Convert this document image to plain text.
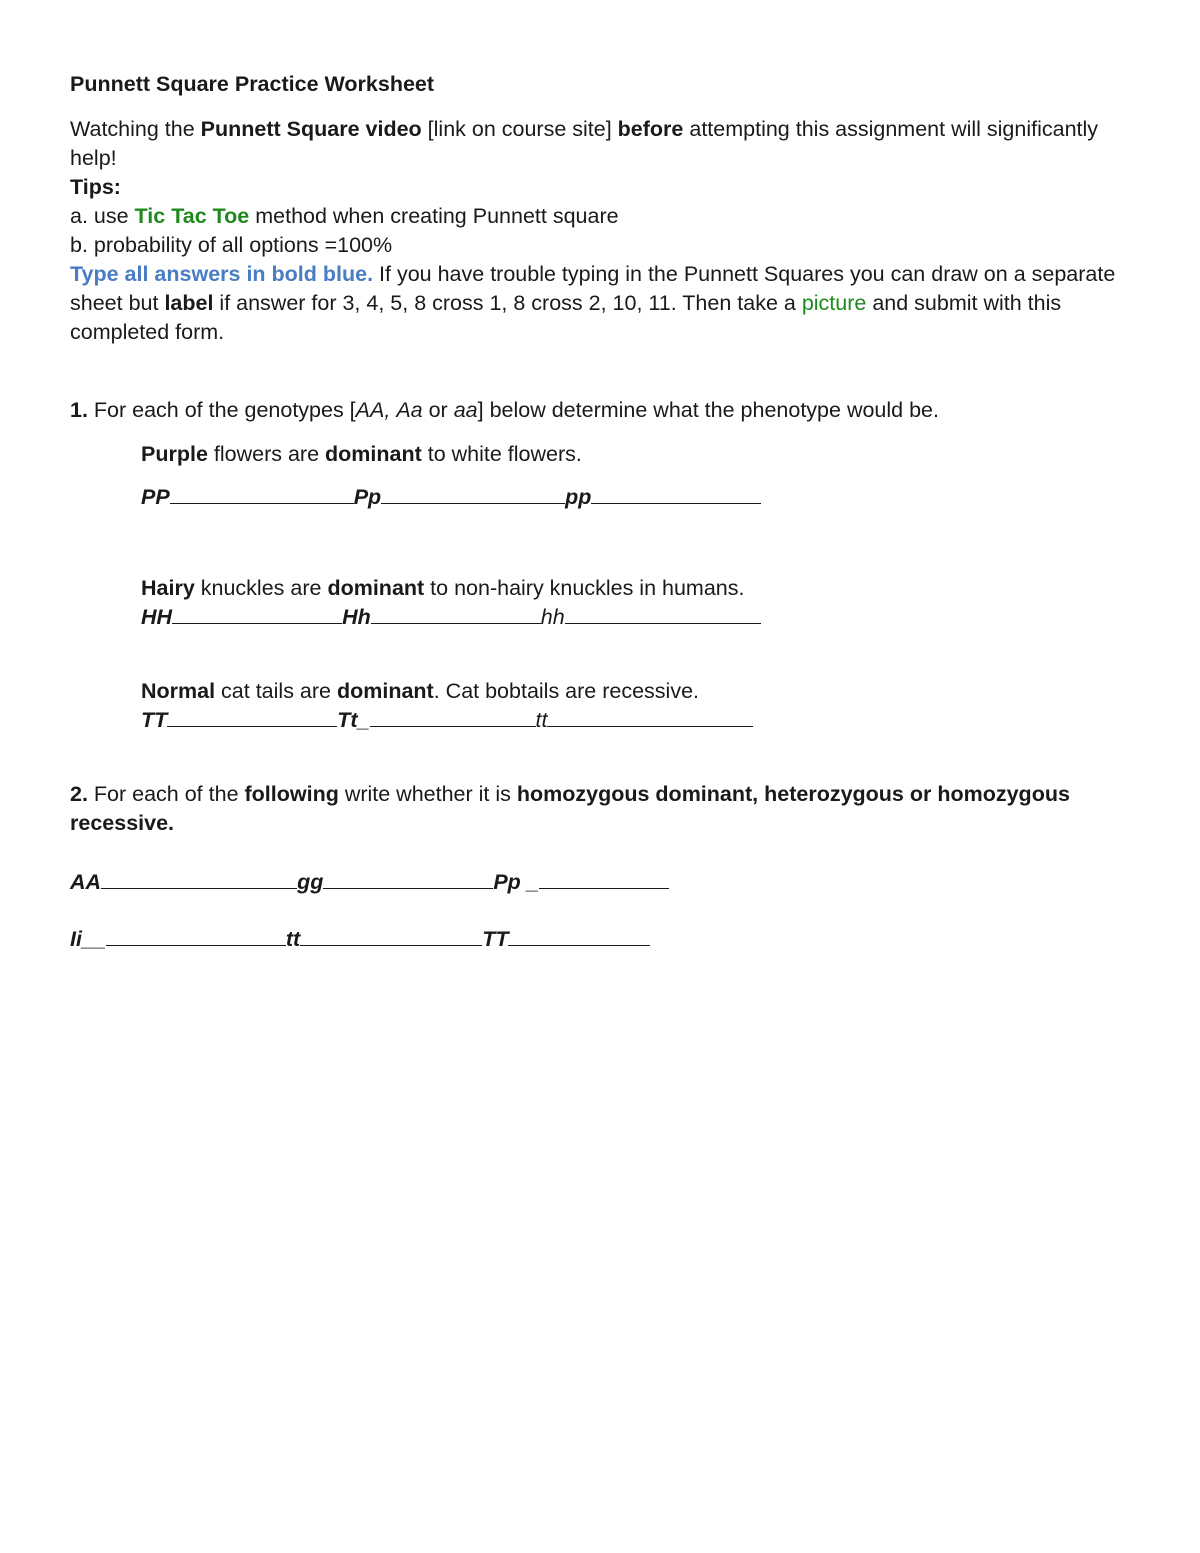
Punnett Square Practice Worksheet

Watching the Punnett Square video [link on course site] before attempting this assignment will significantly help!

Tips:

a. use Tic Tac Toe method when creating Punnett square

b. probability of all options =100%

Type all answers in bold blue. If you have trouble typing in the Punnett Squares you can draw on a separate sheet but label if answer for 3, 4, 5, 8 cross 1, 8 cross 2, 10, 11. Then take a picture and submit with this completed form.

1. For each of the genotypes [AA, Aa or aa] below determine what the phenotype would be.

Purple flowers are dominant to white flowers.
PP	Pp	pp
Hairy knuckles are dominant to non-hairy knuckles in humans.
HH	Hh	hh
Normal cat tails are dominant. Cat bobtails are recessive.
TT	Tt_	tt

2. For each of the following write whether it is homozygous dominant, heterozygous or homozygous recessive.

AA	gg	Pp _
Ii__	tt	TT
